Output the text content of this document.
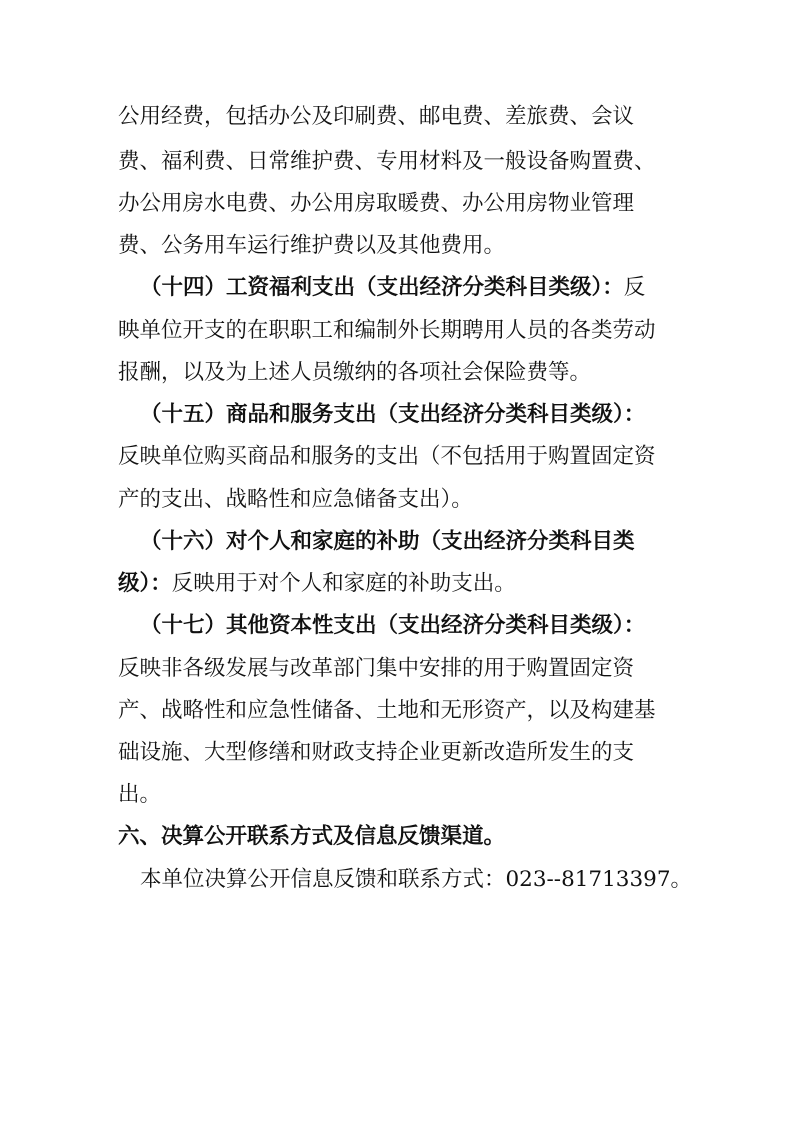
公用经费，包括办公及印刷费、邮电费、差旅费、会议
费、福利费、日常维护费、专用材料及一般设备购置费、
办公用房水电费、办公用房取暖费、办公用房物业管理
费、公务用车运行维护费以及其他费用。
（十四）工资福利支出（支出经济分类科目类级）：反
映单位开支的在职职工和编制外长期聘用人员的各类劳动
报酬，以及为上述人员缴纳的各项社会保险费等。
（十五）商品和服务支出（支出经济分类科目类级）：
反映单位购买商品和服务的支出（不包括用于购置固定资
产的支出、战略性和应急储备支出）。
（十六）对个人和家庭的补助（支出经济分类科目类
级）：反映用于对个人和家庭的补助支出。
（十七）其他资本性支出（支出经济分类科目类级）：
反映非各级发展与改革部门集中安排的用于购置固定资
产、战略性和应急性储备、土地和无形资产，以及构建基
础设施、大型修缮和财政支持企业更新改造所发生的支
出。
六、决算公开联系方式及信息反馈渠道。
本单位决算公开信息反馈和联系方式：023--81713397。
